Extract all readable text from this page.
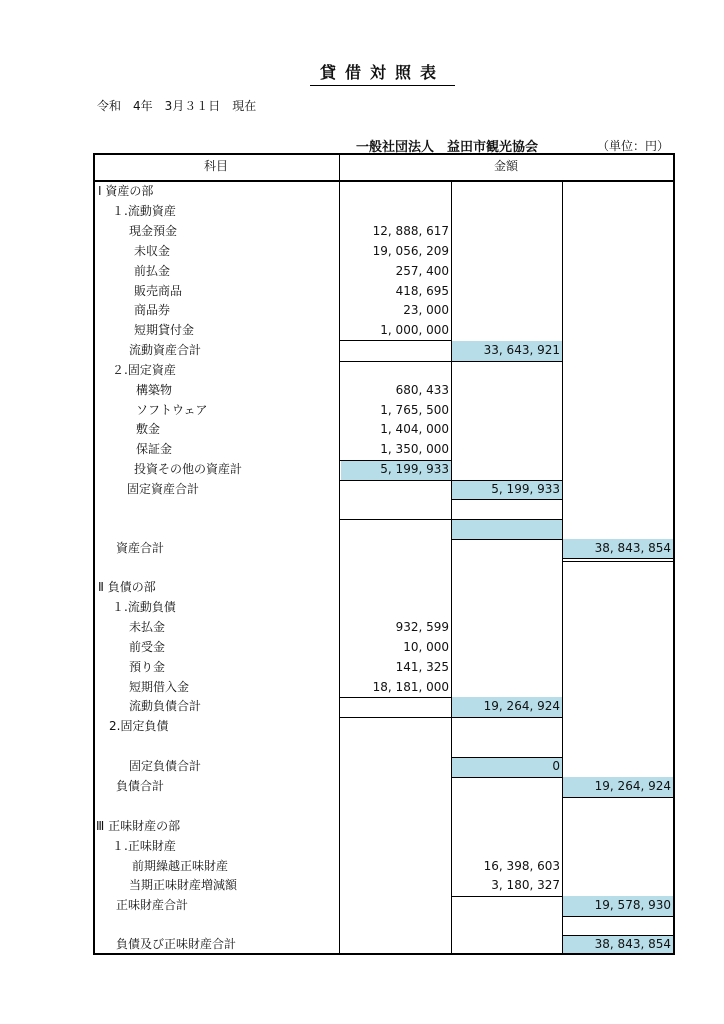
貸借対照表
令和　4年　3月３１日　現在
一般社団法人　益田市観光協会	（単位：円）
科目	金額
Ⅰ 資産の部
１.流動資産
現金預金	12, 888, 617
未収金	19, 056, 209
前払金	257, 400
販売商品	418, 695
商品券	23, 000
短期貸付金	1, 000, 000
流動資産合計	33, 643, 921
２.固定資産
構築物	680, 433
ソフトウェア	1, 765, 500
敷金	1, 404, 000
保証金	1, 350, 000
投資その他の資産計	5, 199, 933
固定資産合計	5, 199, 933
資産合計	38, 843, 854
Ⅱ 負債の部
１.流動負債
未払金	932, 599
前受金	10, 000
預り金	141, 325
短期借入金	18, 181, 000
流動負債合計	19, 264, 924
2.固定負債
固定負債合計	0
負債合計	19, 264, 924
Ⅲ 正味財産の部
１.正味財産
前期繰越正味財産	16, 398, 603
当期正味財産増減額	3, 180, 327
正味財産合計	19, 578, 930
負債及び正味財産合計	38, 843, 854
